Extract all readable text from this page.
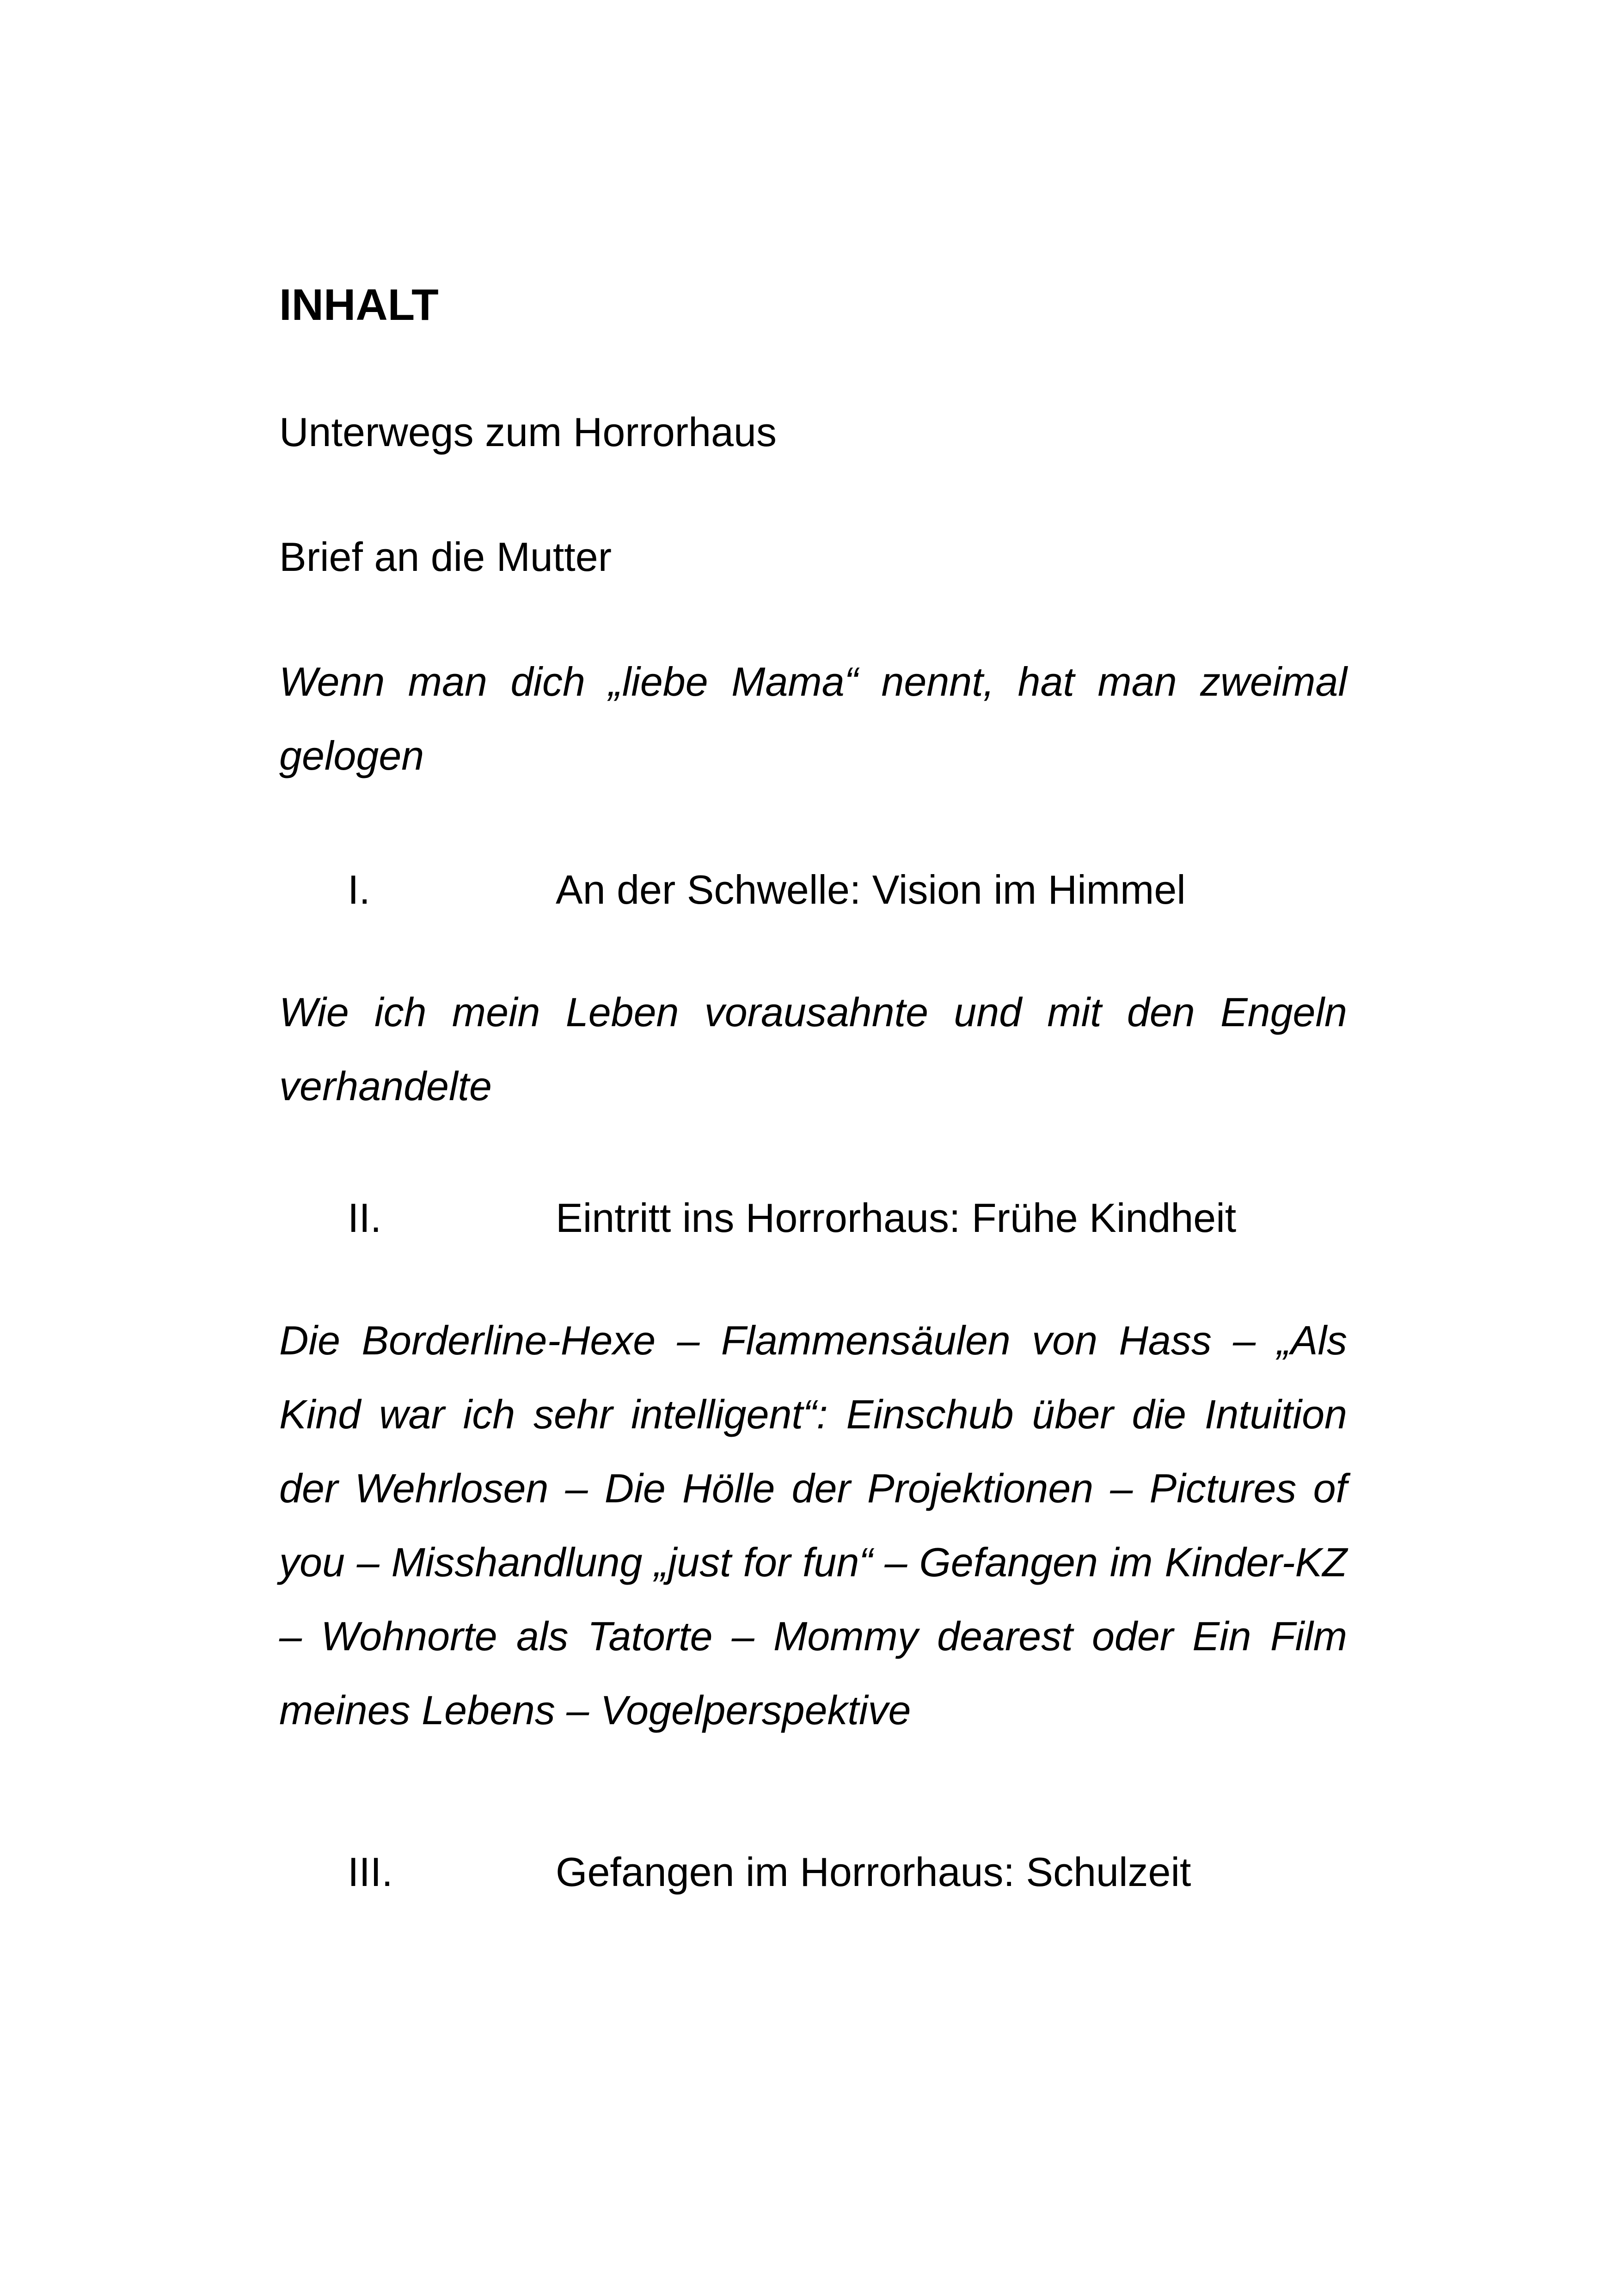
INHALT
Unterwegs zum Horrorhaus
Brief an die Mutter
Wenn man dich „liebe Mama“ nennt, hat man zweimal gelogen
I.	An der Schwelle: Vision im Himmel
Wie ich mein Leben vorausahnte und mit den Engeln verhandelte
II.	Eintritt ins Horrorhaus: Frühe Kindheit
Die Borderline-Hexe – Flammensäulen von Hass – „Als Kind war ich sehr intelligent“: Einschub über die Intuition der Wehrlosen – Die Hölle der Projektionen – Pictures of you – Misshandlung „just for fun“ – Gefangen im Kinder-KZ – Wohnorte als Tatorte – Mommy dearest oder Ein Film meines Lebens – Vogelperspektive
III.	Gefangen im Horrorhaus: Schulzeit
